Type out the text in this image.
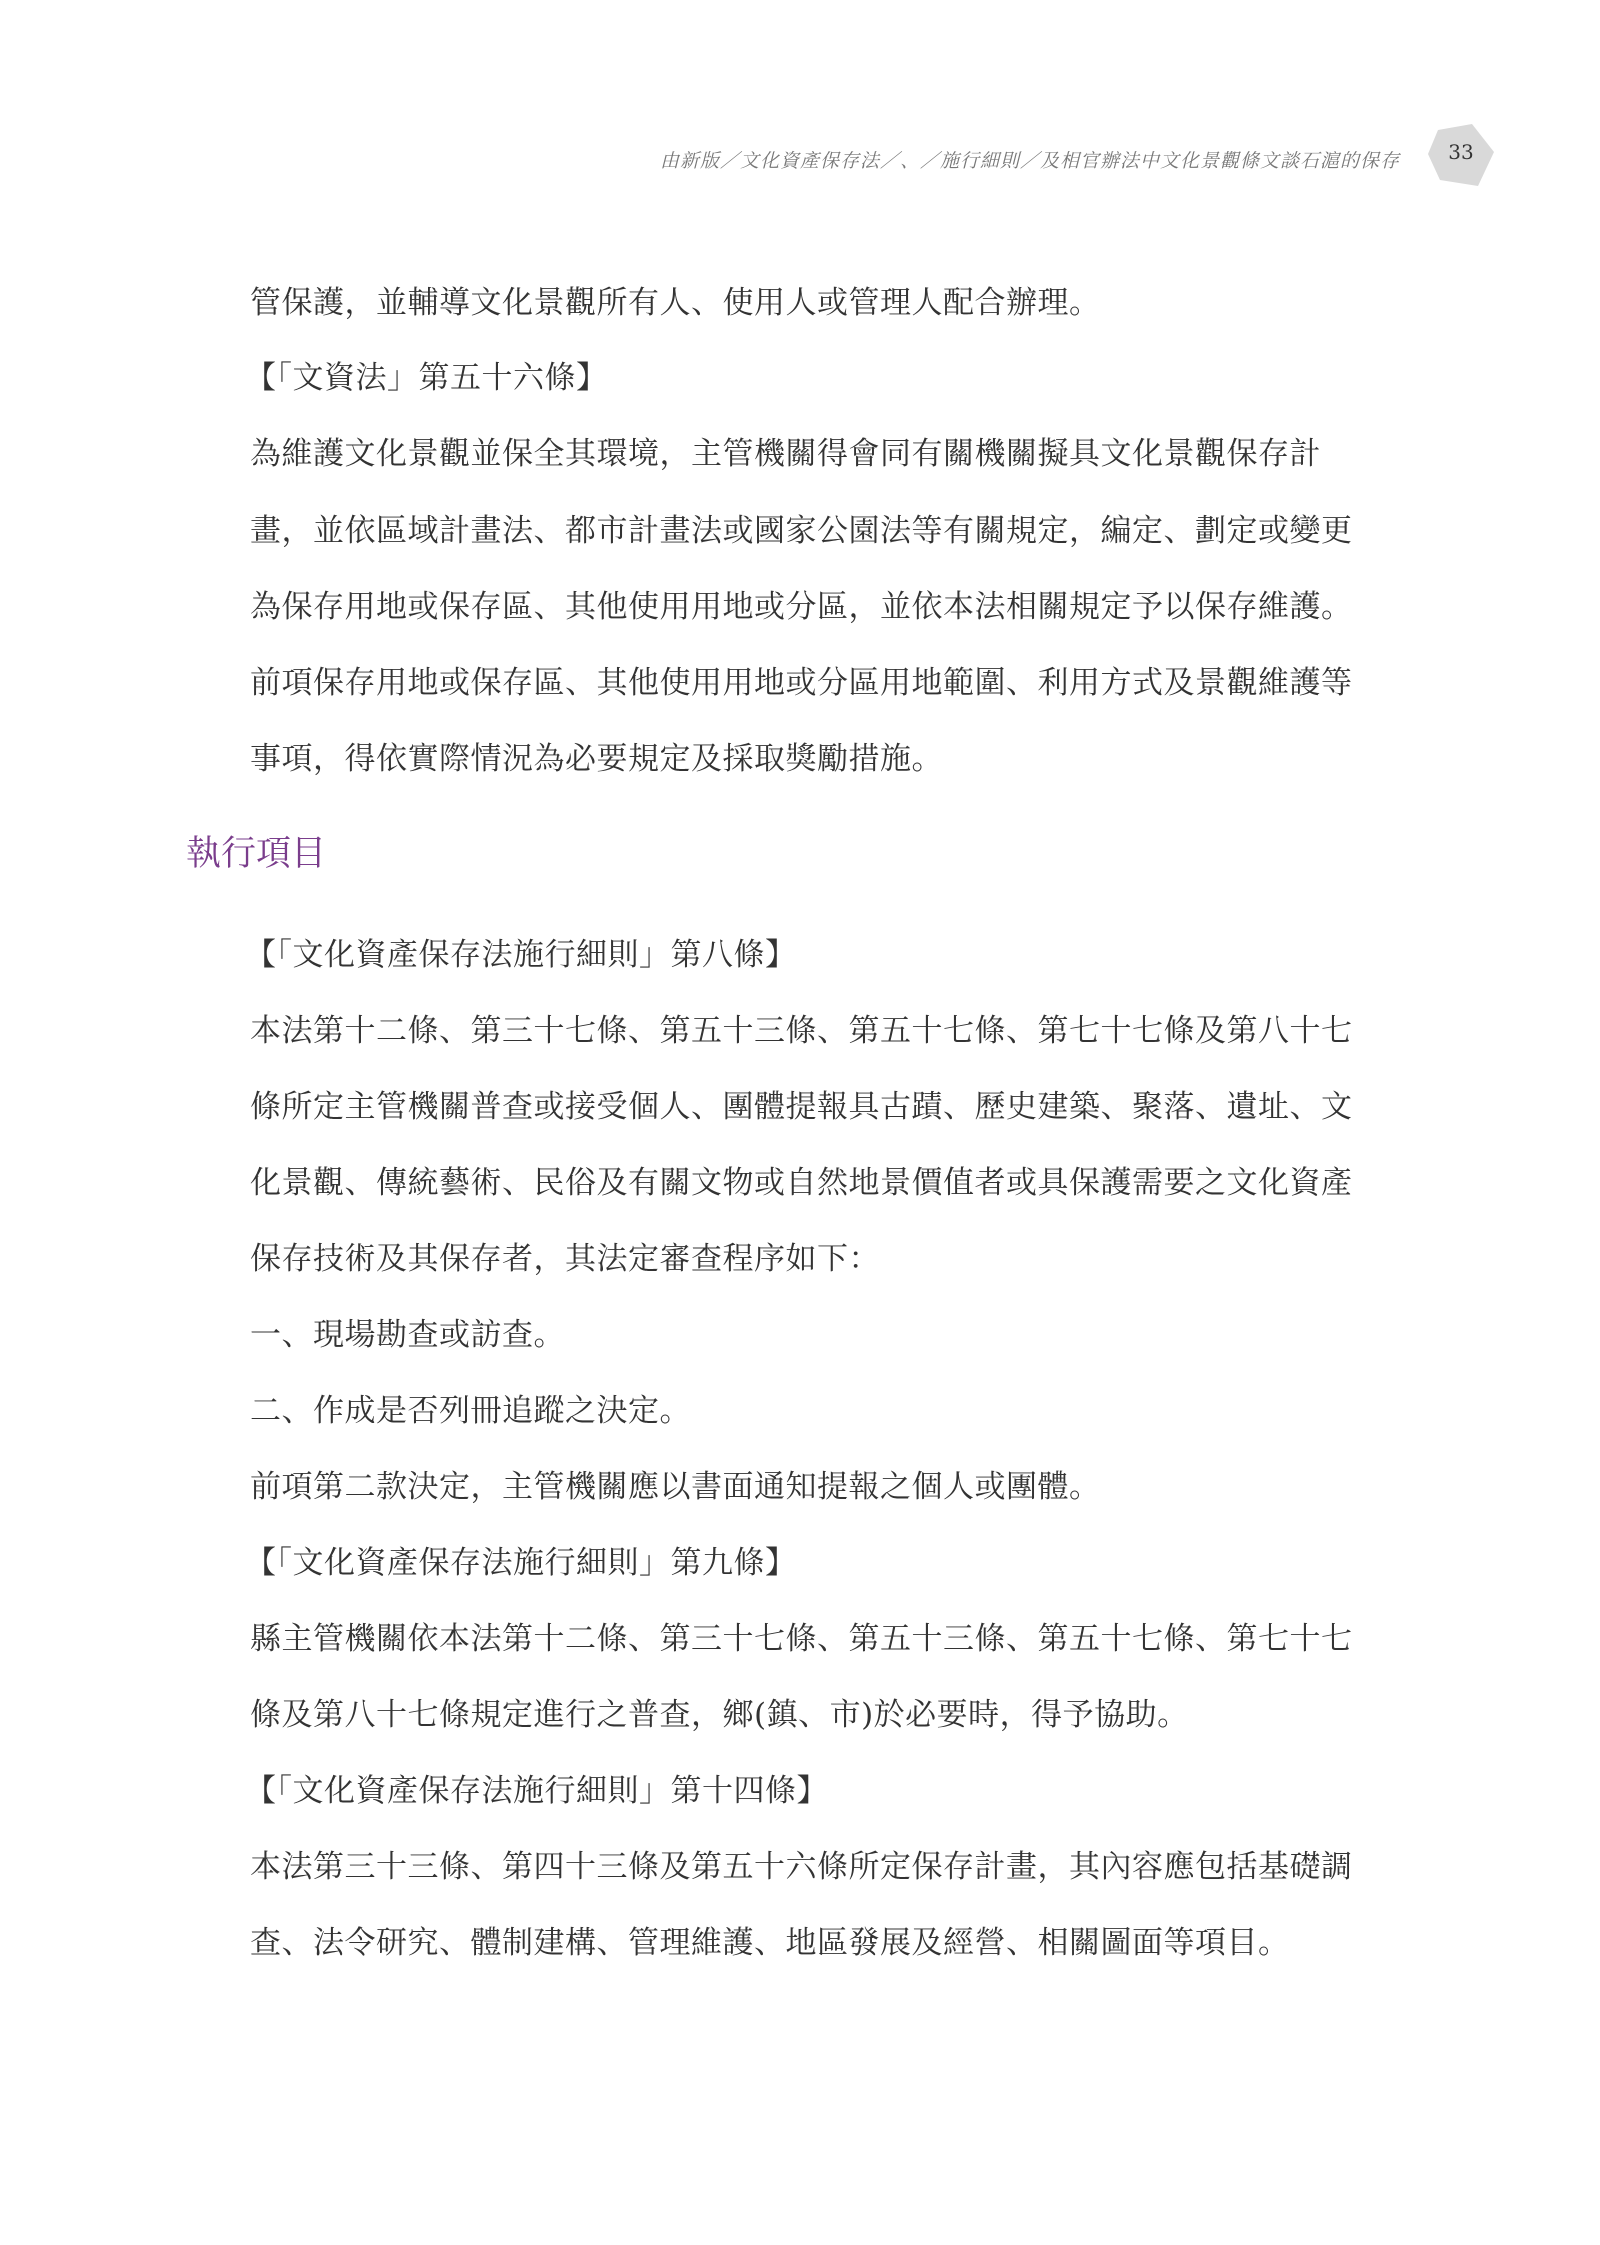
由新版／文化資產保存法／、／施行細則／及相官辦法中文化景觀條文談石滬的保存	33
管保護，並輔導文化景觀所有人、使用人或管理人配合辦理。
【「文資法」第五十六條】
為維護文化景觀並保全其環境，主管機關得會同有關機關擬具文化景觀保存計
畫，並依區域計畫法、都市計畫法或國家公園法等有關規定，編定、劃定或變更
為保存用地或保存區、其他使用用地或分區，並依本法相關規定予以保存維護。
前項保存用地或保存區、其他使用用地或分區用地範圍、利用方式及景觀維護等
事項，得依實際情況為必要規定及採取獎勵措施。
執行項目
【「文化資產保存法施行細則」第八條】
本法第十二條、第三十七條、第五十三條、第五十七條、第七十七條及第八十七
條所定主管機關普查或接受個人、團體提報具古蹟、歷史建築、聚落、遺址、文
化景觀、傳統藝術、民俗及有關文物或自然地景價值者或具保護需要之文化資產
保存技術及其保存者，其法定審查程序如下：
一、現場勘查或訪查。
二、作成是否列冊追蹤之決定。
前項第二款決定，主管機關應以書面通知提報之個人或團體。
【「文化資產保存法施行細則」第九條】
縣主管機關依本法第十二條、第三十七條、第五十三條、第五十七條、第七十七
條及第八十七條規定進行之普查，鄉(鎮、市)於必要時，得予協助。
【「文化資產保存法施行細則」第十四條】
本法第三十三條、第四十三條及第五十六條所定保存計畫，其內容應包括基礎調
查、法令研究、體制建構、管理維護、地區發展及經營、相關圖面等項目。
